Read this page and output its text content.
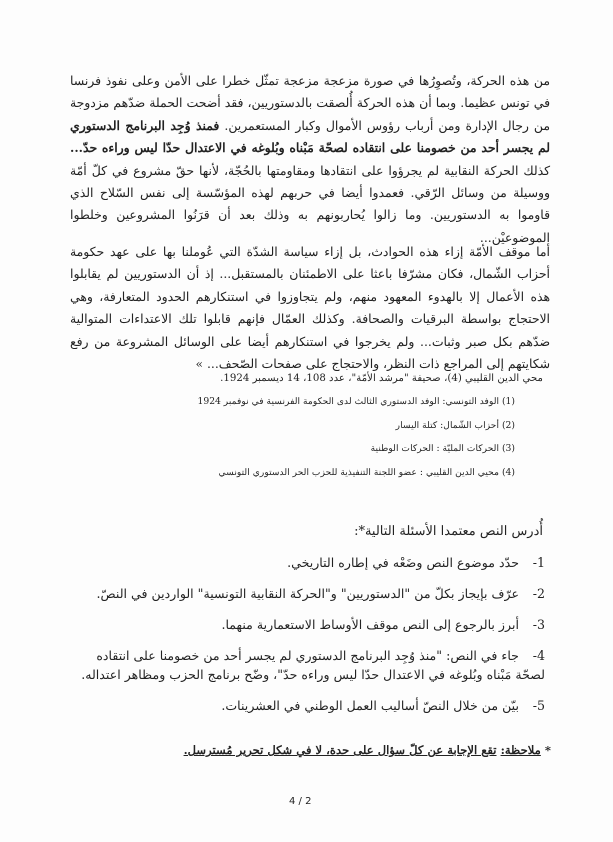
من هذه الحركة، وتُصوِرُها في صورة مزعجة مزعجة تمثّل خطرا على الأمن وعلى نفوذ فرنسا في تونس عظيما. وبما أن هذه الحركة أُلصقت بالدستوريين، فقد أضحت الحملة ضدّهم مزدوجة من رجال الإدارة ومن أرباب رؤوس الأموال وكبار المستعمرين. فمنذ وُجِد البرنامج الدستوري لم يجسر أحد من خصومنا على انتقاده لصحّة مَبْناه وبُلوغه في الاعتدال حدّا ليس وراءه حدّ... كذلك الحركة النقابية لم يجرؤوا على انتقادها ومقاومتها بالحُجّة، لأنها حقّ مشروع في كلّ أمّة ووسيلة من وسائل الرّقي. فعمدوا أيضا في حربهم لهذه المؤسّسة إلى نفس السّلاح الذي قاوموا به الدستوريين. وما زالوا يُحاربونهم به وذلك بعد أن قرَنُوا المشروعين وخلطوا الموضوعيْن...
أما موقف الأمّة إزاء هذه الحوادث، بل إزاء سياسة الشدّة التي عُوملنا بها على عهد حكومة أحزاب الشّمال، فكان مشرّفا باعثا على الاطمئنان بالمستقبل... إذ أن الدستوريين لم يقابلوا هذه الأعمال إلا بالهدوء المعهود منهم، ولم يتجاوزوا في استنكارهم الحدود المتعارفة، وهي الاحتجاج بواسطة البرقيات والصحافة. وكذلك العمّال فإنهم قابلوا تلك الاعتداءات المتوالية ضدّهم بكل صبر وثبات... ولم يخرجوا في استنكارهم أيضا على الوسائل المشروعة من رفع شكايتهم إلى المراجع ذات النظر، والاحتجاج على صفحات الصّحف... »
محي الدين القليبي (4)، صحيفة "مرشد الأمّة"، عدد 108، 14 ديسمبر 1924.
(1) الوفد التونسي: الوفد الدستوري الثالث لدى الحكومة الفرنسية في نوفمبر 1924
(2) أحزاب الشّمال: كتلة اليسار
(3) الحركات المليّة : الحركات الوطنية
(4) محيي الدين القليبي : عضو اللجنة التنفيذية للحزب الحر الدستوري التونسي
أُدرس النص معتمدا الأسئلة التالية*:
1- حدّد موضوع النص وضَعْه في إطاره التاريخي.
2- عرّف بإيجاز بكلّ من "الدستوريين" و"الحركة النقابية التونسية" الواردين في النصّ.
3- أبرز بالرجوع إلى النص موقف الأوساط الاستعمارية منهما.
4- جاء في النص: "منذ وُجِد البرنامج الدستوري لم يجسر أحد من خصومنا على انتقاده لصحّة مَبْناه وبُلوغه في الاعتدال حدّا ليس وراءه حدّ"، وضّح برنامج الحزب ومظاهر اعتداله.
5- بيّن من خلال النصّ أساليب العمل الوطني في العشرينات.
* ملاحظة: تقع الإجابة عن كلّ سؤال على حدة، لا في شكل تحرير مُسترسل.
4 / 2
